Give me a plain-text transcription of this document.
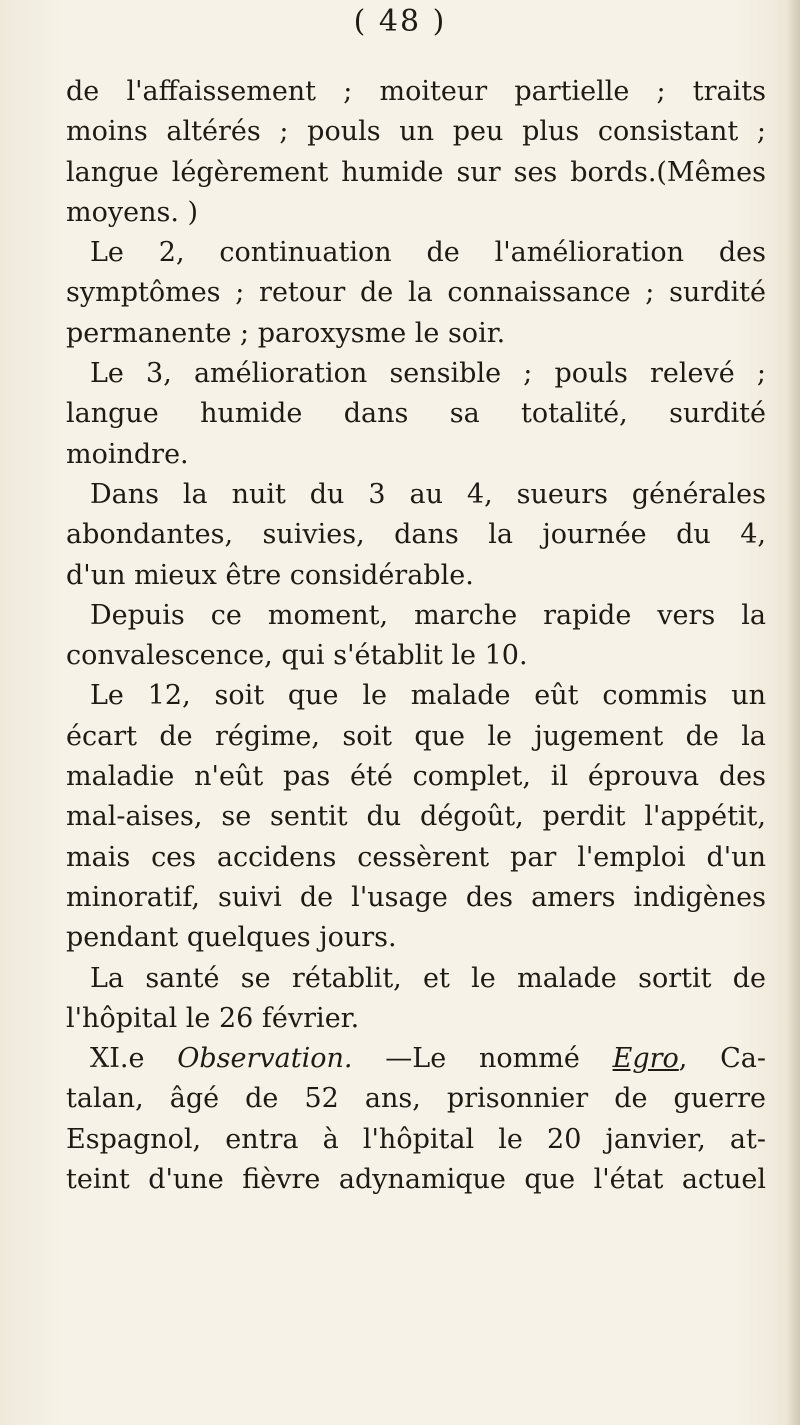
( 48 )
de l'affaissement ; moiteur partielle ; traits
moins altérés ; pouls un peu plus consistant ;
langue légèrement humide sur ses bords.(Mêmes
moyens. )
Le 2, continuation de l'amélioration des
symptômes ; retour de la connaissance ; surdité
permanente ; paroxysme le soir.
Le 3, amélioration sensible ; pouls relevé ;
langue humide dans sa totalité, surdité
moindre.
Dans la nuit du 3 au 4, sueurs générales
abondantes, suivies, dans la journée du 4,
d'un mieux être considérable.
Depuis ce moment, marche rapide vers la
convalescence, qui s'établit le 10.
Le 12, soit que le malade eût commis un
écart de régime, soit que le jugement de la
maladie n'eût pas été complet, il éprouva des
mal-aises, se sentit du dégoût, perdit l'appétit,
mais ces accidens cessèrent par l'emploi d'un
minoratif, suivi de l'usage des amers indigènes
pendant quelques jours.
La santé se rétablit, et le malade sortit de
l'hôpital le 26 février.
XI.e Observation. —Le nommé Egro, Ca-
talan, âgé de 52 ans, prisonnier de guerre
Espagnol, entra à l'hôpital le 20 janvier, at-
teint d'une fièvre adynamique que l'état actuel
